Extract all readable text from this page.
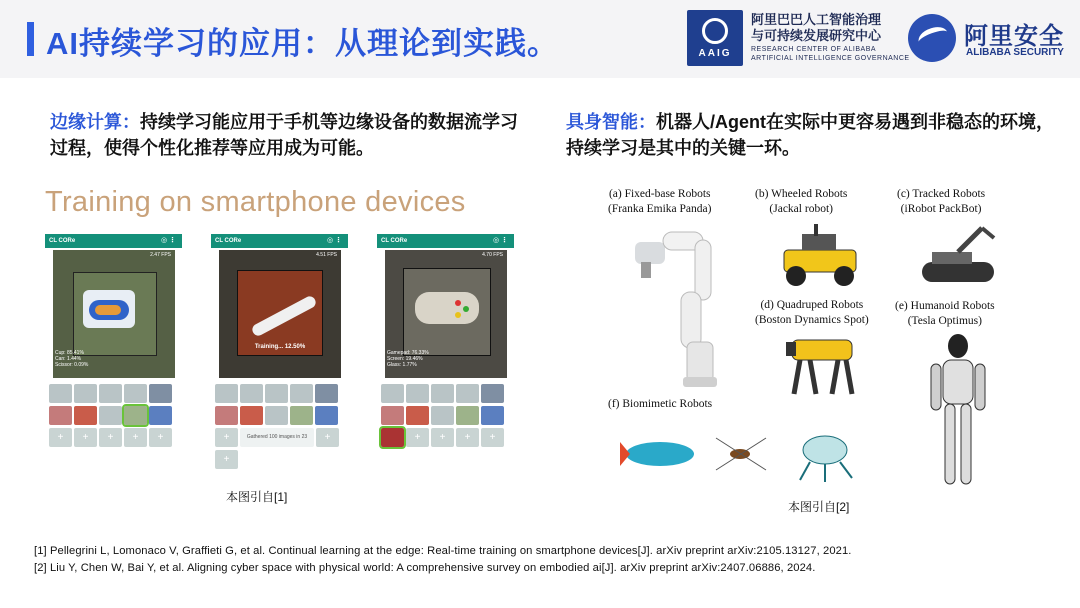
AI持续学习的应用：从理论到实践。	AAIG
阿里巴巴人工智能治理
与可持续发展研究中心
RESEARCH CENTER OF ALIBABA
ARTIFICIAL INTELLIGENCE GOVERNANCE
阿里安全
ALIBABA SECURITY
边缘计算：持续学习能应用于手机等边缘设备的数据流学习过程，使得个性化推荐等应用成为可能。
具身智能：机器人/Agent在实际中更容易遇到非稳态的环境，持续学习是其中的关键一环。
Training on smartphone devices
CL CORe	◎ ⋮
2.47 FPS
Cup: 85.41%
Can: 1.44%
Scissor: 0.09%
+ + + + +
CL CORe	◎ ⋮
4.51 FPS
Training... 12.50%
+	Gathered 100 images in 23 ++
CL CORe	◎ ⋮
4.70 FPS
Gamepad: 76.33%
Screen: 19.46%
Glass: 1.77%
+ + + +
本图引自[1]
(a) Fixed-base Robots
(Franka Emika Panda)
(b) Wheeled Robots
(Jackal robot)
(c) Tracked Robots
(iRobot PackBot)
(d) Quadruped Robots
(Boston Dynamics Spot)
(e) Humanoid Robots
(Tesla Optimus)
(f) Biomimetic Robots
本图引自[2]
[1] Pellegrini L, Lomonaco V, Graffieti G, et al. Continual learning at the edge: Real-time training on smartphone devices[J]. arXiv preprint arXiv:2105.13127, 2021.
[2] Liu Y, Chen W, Bai Y, et al. Aligning cyber space with physical world: A comprehensive survey on embodied ai[J]. arXiv preprint arXiv:2407.06886, 2024.
